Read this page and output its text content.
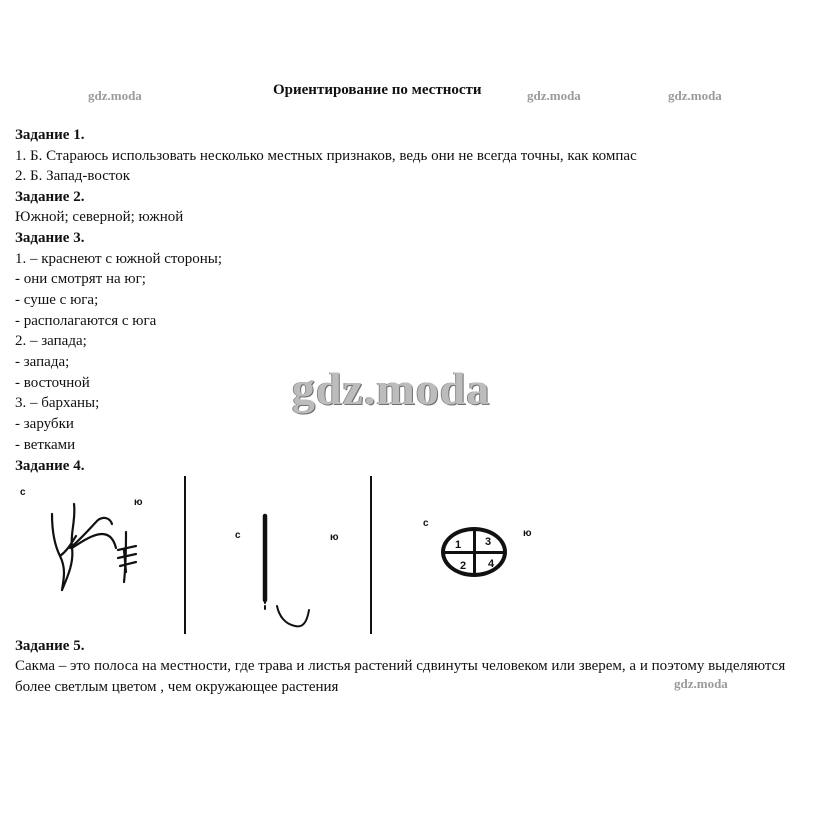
Ориентирование по местности
gdz.moda	gdz.moda	gdz.moda
gdz.moda
Задание 1.
1. Б. Стараюсь использовать несколько местных признаков, ведь они не всегда точны, как компас
2. Б. Запад-восток
Задание 2.
Южной; северной; южной
Задание 3.
1. – краснеют с южной стороны;
- они смотрят на юг;
- суше с юга;
- располагаются с юга
2. – запада;
- запада;
- восточной
3. – барханы;
- зарубки
- ветками
Задание 4.
gdz.moda
с
ю
с	ю
с
ю
1 3
2 4
Задание 5.
Сакма – это полоса на местности, где трава и листья растений сдвинуты человеком или зверем, а и поэтому выделяются более светлым цветом , чем окружающее растения
